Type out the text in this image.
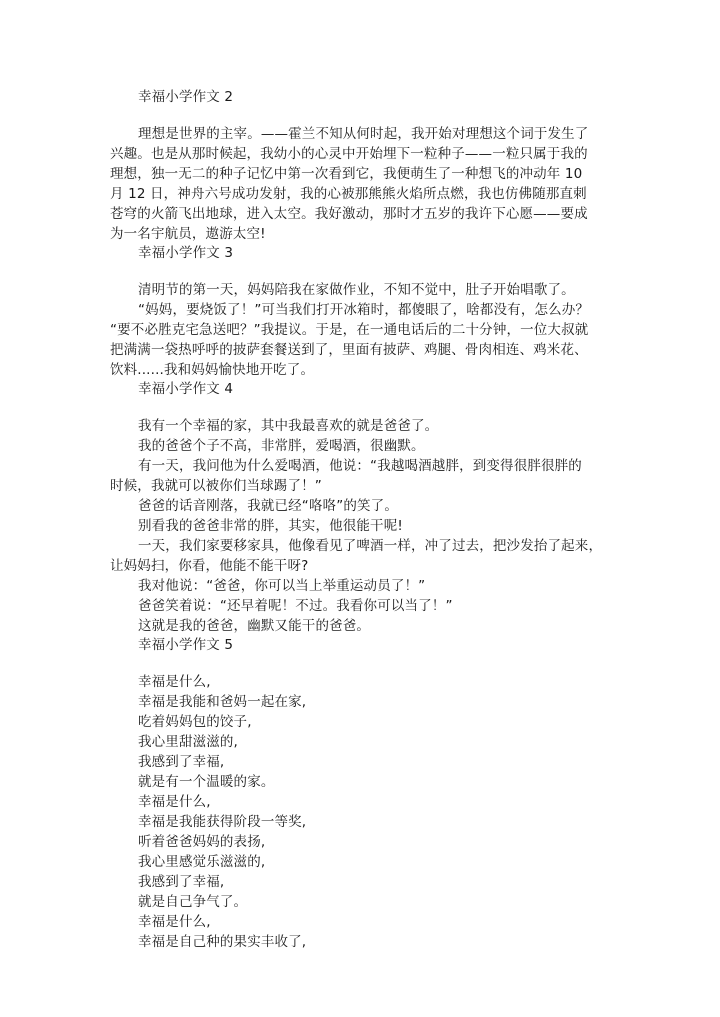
幸福小学作文 2
理想是世界的主宰。——霍兰不知从何时起，我开始对理想这个词于发生了
兴趣。也是从那时候起，我幼小的心灵中开始埋下一粒种子——一粒只属于我的
理想，独一无二的种子记忆中第一次看到它，我便萌生了一种想飞的冲动年 10
月 12 日，神舟六号成功发射，我的心被那熊熊火焰所点燃，我也仿佛随那直刺
苍穹的火箭飞出地球，进入太空。我好激动，那时才五岁的我许下心愿——要成
为一名宇航员，遨游太空!
幸福小学作文 3
清明节的第一天，妈妈陪我在家做作业，不知不觉中，肚子开始唱歌了。
“妈妈，要烧饭了！”可当我们打开冰箱时，都傻眼了，啥都没有，怎么办？
“要不必胜克宅急送吧？”我提议。于是，在一通电话后的二十分钟，一位大叔就
把满满一袋热呼呼的披萨套餐送到了，里面有披萨、鸡腿、骨肉相连、鸡米花、
饮料......我和妈妈愉快地开吃了。
幸福小学作文 4
我有一个幸福的家，其中我最喜欢的就是爸爸了。
我的爸爸个子不高，非常胖，爱喝酒，很幽默。
有一天，我问他为什么爱喝酒，他说：“我越喝酒越胖，到变得很胖很胖的
时候，我就可以被你们当球踢了！”
爸爸的话音刚落，我就已经“咯咯”的笑了。
别看我的爸爸非常的胖，其实，他很能干呢!
一天，我们家要移家具，他像看见了啤酒一样，冲了过去，把沙发抬了起来，
让妈妈扫，你看，他能不能干呀?
我对他说：“爸爸，你可以当上举重运动员了！”
爸爸笑着说：“还早着呢！不过。我看你可以当了！”
这就是我的爸爸，幽默又能干的爸爸。
幸福小学作文 5
幸福是什么,
幸福是我能和爸妈一起在家,
吃着妈妈包的饺子,
我心里甜滋滋的,
我感到了幸福,
就是有一个温暖的家。
幸福是什么,
幸福是我能获得阶段一等奖,
听着爸爸妈妈的表扬,
我心里感觉乐滋滋的,
我感到了幸福,
就是自己争气了。
幸福是什么,
幸福是自己种的果实丰收了,
